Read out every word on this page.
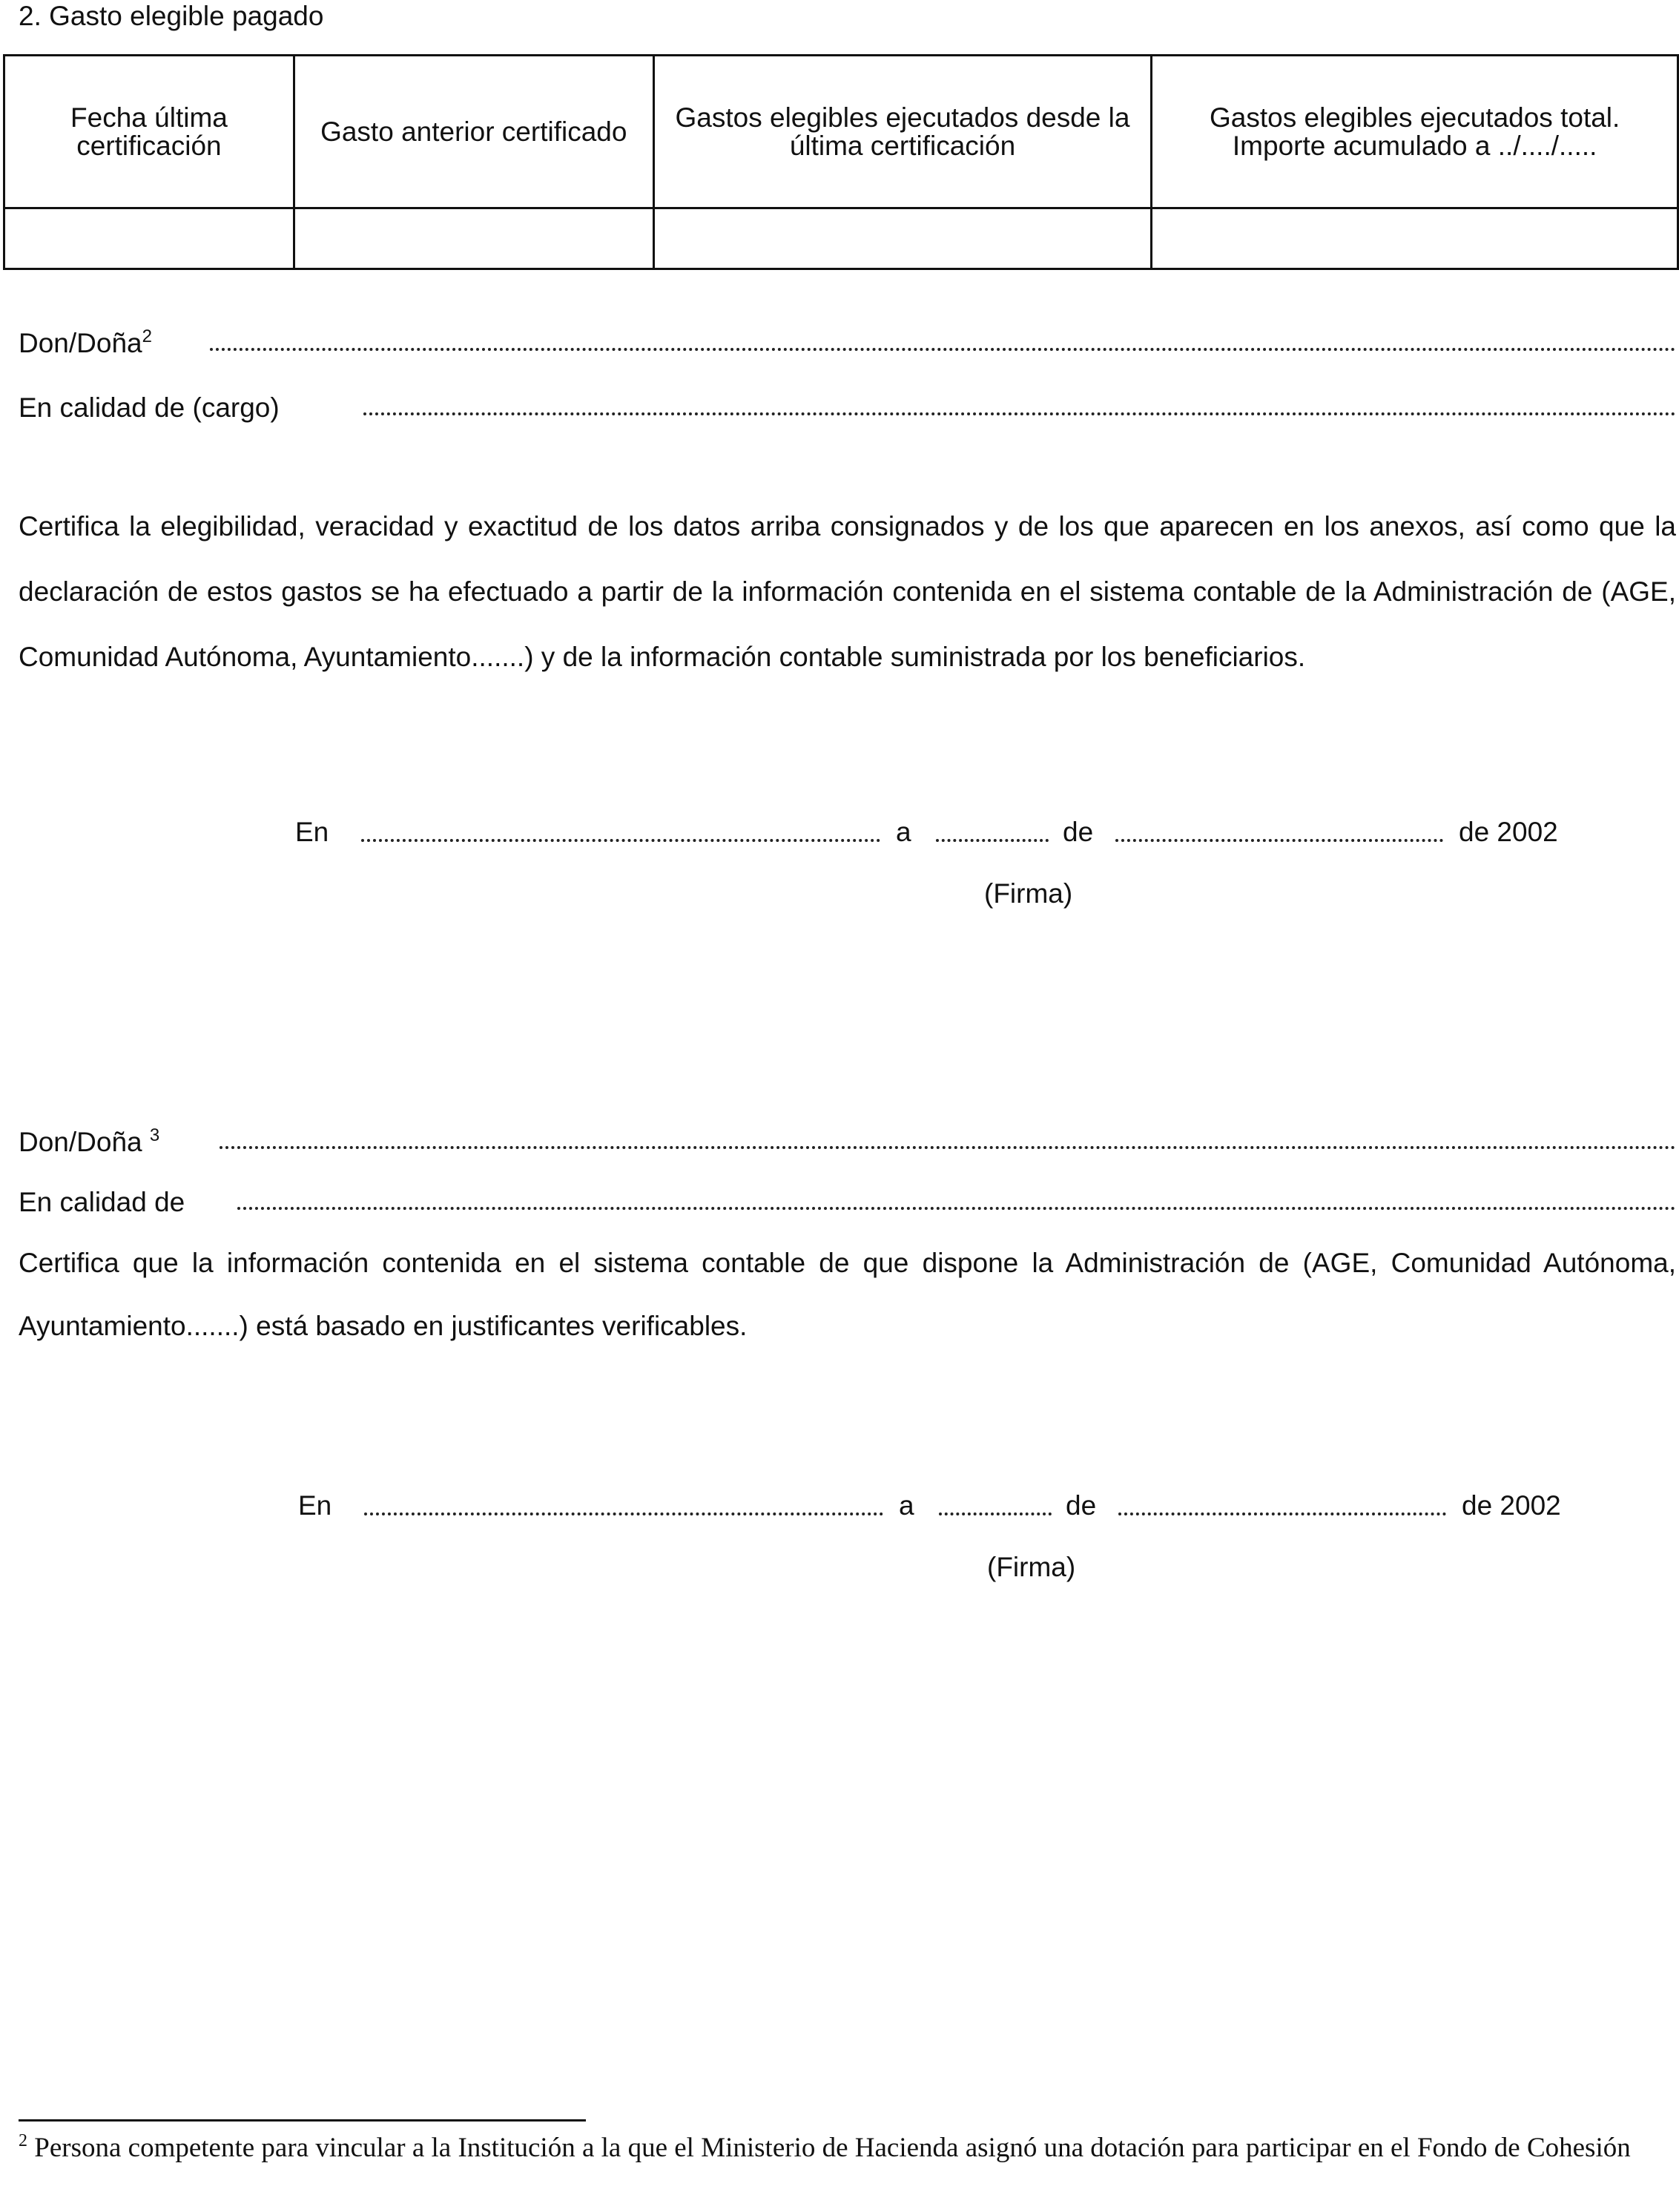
2. Gasto elegible pagado
Fecha última certificación	Gasto anterior certificado	Gastos elegibles ejecutados desde la última certificación	Gastos elegibles ejecutados total. Importe acumulado a ../..../.....

Don/Doña$^2$
En calidad de (cargo)

Certifica la elegibilidad, veracidad y exactitud de los datos arriba consignados y de los que aparecen en los anexos, así como que la declaración de estos gastos se ha efectuado a partir de la información contenida en el sistema contable de la Administración de (AGE, Comunidad Autónoma, Ayuntamiento.......) y de la información contable suministrada por los beneficiarios.

En	a	de	de 2002
(Firma)
Don/Doña $^3$
En calidad de

Certifica que la información contenida en el sistema contable de que dispone la Administración de (AGE, Comunidad Autónoma, Ayuntamiento.......) está basado en justificantes verificables.

En	a	de	de 2002
(Firma)

$^2$ Persona competente para vincular a la Institución a la que el Ministerio de Hacienda asignó una dotación para participar en el Fondo de Cohesión
